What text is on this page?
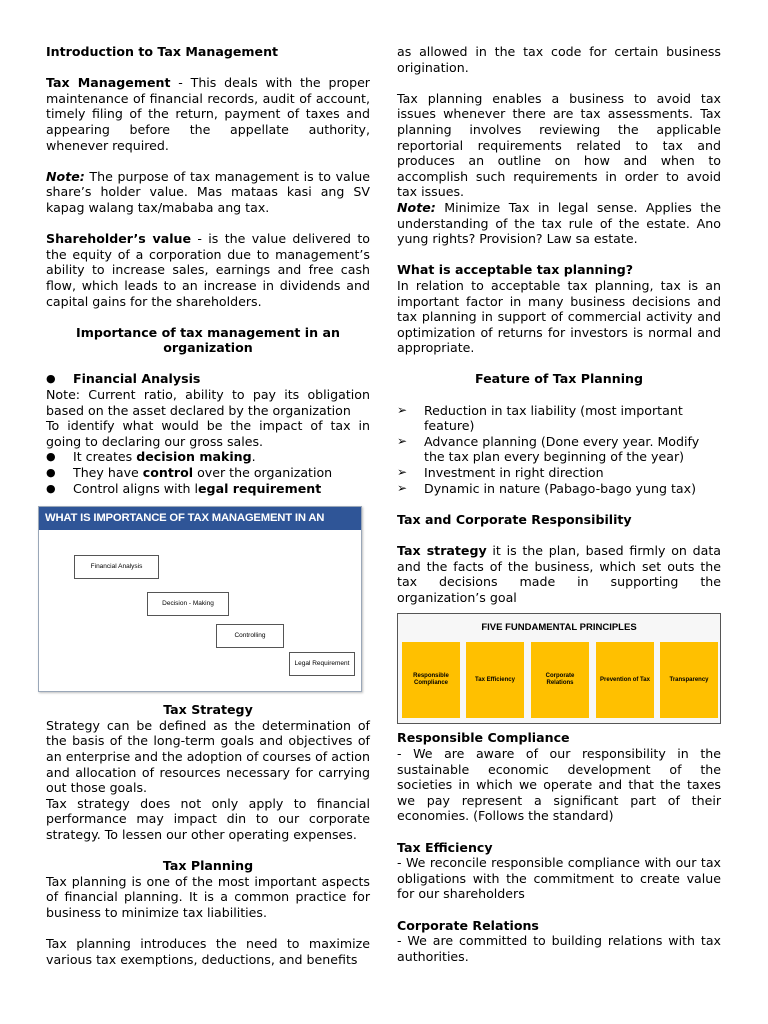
Introduction to Tax Management

Tax Management - This deals with the proper maintenance of financial records, audit of account, timely filing of the return, payment of taxes and appearing before the appellate authority, whenever required.

Note: The purpose of tax management is to value share’s holder value. Mas mataas kasi ang SV kapag walang tax/mababa ang tax.

Shareholder’s value - is the value delivered to the equity of a corporation due to management’s ability to increase sales, earnings and free cash flow, which leads to an increase in dividends and capital gains for the shareholders.

Importance of tax management in an organization

● Financial Analysis

Note: Current ratio, ability to pay its obligation based on the asset declared by the organization

To identify what would be the impact of tax in going to declaring our gross sales.

● It creates decision making.
● They have control over the organization
● Control aligns with legal requirement
WHAT IS IMPORTANCE OF TAX MANAGEMENT IN AN ORGANIZATION
Financial Analysis
Decision - Making
Controlling
Legal Requirement

Tax Strategy

Strategy can be defined as the determination of the basis of the long-term goals and objectives of an enterprise and the adoption of courses of action and allocation of resources necessary for carrying out those goals.

Tax strategy does not only apply to financial performance may impact din to our corporate strategy. To lessen our other operating expenses.

Tax Planning

Tax planning is one of the most important aspects of financial planning. It is a common practice for business to minimize tax liabilities.

Tax planning introduces the need to maximize various tax exemptions, deductions, and benefits

as allowed in the tax code for certain business origination.

Tax planning enables a business to avoid tax issues whenever there are tax assessments. Tax planning involves reviewing the applicable reportorial requirements related to tax and produces an outline on how and when to accomplish such requirements in order to avoid tax issues.

Note: Minimize Tax in legal sense. Applies the understanding of the tax rule of the estate. Ano yung rights? Provision? Law sa estate.

What is acceptable tax planning?

In relation to acceptable tax planning, tax is an important factor in many business decisions and tax planning in support of commercial activity and optimization of returns for investors is normal and appropriate.

Feature of Tax Planning

➢ Reduction in tax liability (most important feature)
➢ Advance planning (Done every year. Modify the tax plan every beginning of the year)
➢ Investment in right direction
➢ Dynamic in nature (Pabago-bago yung tax)

Tax and Corporate Responsibility

Tax strategy it is the plan, based firmly on data and the facts of the business, which set outs the tax decisions made in supporting the organization’s goal

FIVE FUNDAMENTAL PRINCIPLES
Responsible Compliance
Tax Efficiency
Corporate Relations
Prevention of Tax	Transparency

Responsible Compliance

- We are aware of our responsibility in the sustainable economic development of the societies in which we operate and that the taxes we pay represent a significant part of their economies. (Follows the standard)

Tax Efficiency

- We reconcile responsible compliance with our tax obligations with the commitment to create value for our shareholders

Corporate Relations

- We are committed to building relations with tax authorities.
